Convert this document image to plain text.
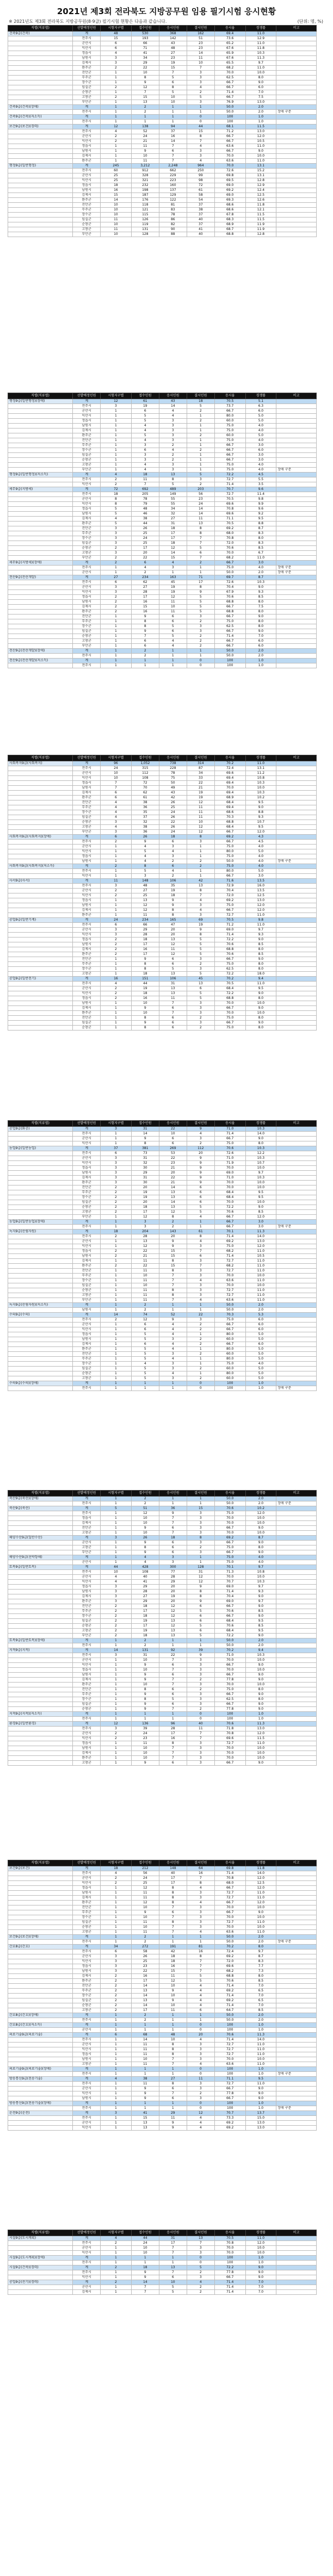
2021년 제3회 전라북도 지방공무원 임용 필기시험 응시현황
※ 2021년도 제3회 전라북도 지방공무원(8·9급) 필기시험 현황은 다음과 같습니다.	(단위: 명, %)
직렬(직류별)	선발예정인원	시험지구별	접수인원	응시인원	결시인원	응시율	경쟁률	비고
건축9급(건축)	계	48	530	368	162	69.4	11.0	
	전주시	15	193	142	51	73.6	12.9	
	군산시	6	66	43	23	65.2	11.0	
	익산시	6	71	48	23	67.6	11.8	
	정읍시	4	41	27	14	65.9	10.3	
	남원시	3	34	23	11	67.6	11.3	
	김제시	3	29	19	10	65.5	9.7	
	완주군	2	22	15	7	68.2	11.0	
	진안군	1	10	7	3	70.0	10.0	
	무주군	1	8	5	3	62.5	8.0	
	장수군	1	9	6	3	66.7	9.0	
	임실군	2	12	8	4	66.7	6.0	
	순창군	1	7	5	2	71.4	7.0	
	고창군	2	15	10	5	66.7	7.5	
	부안군	1	13	10	3	76.9	13.0	
건축9급(건축)(장애)	계	1	2	1	1	50.0	2.0	
	전주시	1	2	1	1	50.0	2.0	장애 구분
건축9급(건축)(저소득)	계	1	1	1	0	100	1.0	
	전주시	1	1	1	0	100	1.0	
보건9급(보건)(경력)	계	12	138	94	44	68.1	11.5	
	전주시	4	52	37	15	71.2	13.0	
	군산시	2	24	16	8	66.7	12.0	
	익산시	2	21	14	7	66.7	10.5	
	정읍시	1	11	7	4	63.6	11.0	
	남원시	1	9	6	3	66.7	9.0	
	김제시	1	10	7	3	70.0	10.0	
	완주군	1	11	7	4	63.6	11.0	
행정9급(일반행정)	계	245	3,212	2,248	964	70.0	13.1	
	전주시	60	912	662	250	72.6	15.2	
	군산시	25	328	229	99	69.8	13.1	
	익산시	25	321	223	98	69.5	12.8	
	정읍시	18	232	160	72	69.0	12.9	
	남원시	16	198	137	61	69.2	12.4	
	김제시	15	187	129	58	69.0	12.5	
	완주군	14	176	122	54	69.3	12.6	
	진안군	10	118	81	37	68.6	11.8	
	무주군	10	121	83	38	68.6	12.1	
	장수군	10	115	78	37	67.8	11.5	
	임실군	11	126	86	40	68.3	11.5	
	순창군	10	119	82	37	68.9	11.9	
	고창군	11	131	90	41	68.7	11.9	
	부안군	10	128	88	40	68.8	12.8	
직렬(직류별)	선발예정인원	시험지구별	접수인원	응시인원	결시인원	응시율	경쟁률	비고
행정9급(일반행정)(장애)	계	12	61	43	18	70.5	5.1	
	전주시	3	19	14	5	73.7	6.3	
	군산시	1	6	4	2	66.7	6.0	
	익산시	1	5	4	1	80.0	5.0	
	정읍시	1	5	3	2	60.0	5.0	
	남원시	1	4	3	1	75.0	4.0	
	김제시	1	4	3	1	75.0	4.0	
	완주군	1	5	3	2	60.0	5.0	
	진안군	1	4	3	1	75.0	4.0	
	무주군	1	3	2	1	66.7	3.0	
	장수군	1	6	4	2	66.7	6.0	
	임실군	1	3	2	1	66.7	3.0	
	순창군	1	3	2	1	66.7	3.0	
	고창군	1	4	3	1	75.0	4.0	
	부안군	1	4	3	1	75.0	4.0	장애 구분
행정9급(일반행정)(저소득)	계	4	18	13	5	72.2	4.5	
	전주시	2	11	8	3	72.7	5.5	
	익산시	2	7	5	2	71.4	3.5	
세무9급(지방세)	계	72	692	489	203	70.7	9.6	
	전주시	18	205	149	56	72.7	11.4	
	군산시	8	78	55	23	70.5	9.8	
	익산시	8	79	55	24	69.6	9.9	
	정읍시	5	48	34	14	70.8	9.6	
	남원시	5	46	32	14	69.6	9.2	
	김제시	4	38	27	11	71.1	9.5	
	완주군	5	44	31	13	70.5	8.8	
	진안군	3	26	18	8	69.2	8.7	
	무주군	3	25	17	8	68.0	8.3	
	장수군	3	24	17	7	70.8	8.0	
	임실군	3	25	18	7	72.0	8.3	
	순창군	2	17	12	5	70.6	8.5	
	고창군	3	20	14	6	70.0	6.7	
	부안군	2	22	15	7	68.2	11.0	
세무9급(지방세)(장애)	계	2	6	4	2	66.7	3.0	
	전주시	1	4	3	1	75.0	4.0	장애 구분
	군산시	1	2	1	1	50.0	2.0	장애 구분
전산9급(전산개발)	계	27	234	163	71	69.7	8.7	
	전주시	6	62	45	17	72.6	10.3	
	군산시	3	27	19	8	70.4	9.0	
	익산시	3	28	19	9	67.9	9.3	
	정읍시	2	17	12	5	70.6	8.5	
	남원시	2	16	11	5	68.8	8.0	
	김제시	2	15	10	5	66.7	7.5	
	완주군	2	16	11	5	68.8	8.0	
	진안군	1	9	6	3	66.7	9.0	
	무주군	1	8	6	2	75.0	8.0	
	장수군	1	8	5	3	62.5	8.0	
	임실군	1	9	6	3	66.7	9.0	
	순창군	1	7	5	2	71.4	7.0	
	고창군	1	6	4	2	66.7	6.0	
	부안군	1	6	4	2	66.7	6.0	
전산9급(전산개발)(장애)	계	1	2	1	1	50.0	2.0	
	전주시	1	2	1	1	50.0	2.0	
전산9급(전산개발)(저소득)	계	1	1	1	0	100	1.0	
	전주시	1	1	1	0	100	1.0	
직렬(직류별)	선발예정인원	시험지구별	접수인원	응시인원	결시인원	응시율	경쟁률	비고
사회복지9급(사회복지)	계	96	1,052	738	314	70.2	11.0	
	전주시	24	315	228	87	72.4	13.1	
	군산시	10	112	78	34	69.6	11.2	
	익산시	10	108	75	33	69.4	10.8	
	정읍시	7	72	50	22	69.4	10.3	
	남원시	7	70	49	21	70.0	10.0	
	김제시	6	62	43	19	69.4	10.3	
	완주군	6	61	42	19	68.9	10.2	
	진안군	4	38	26	12	68.4	9.5	
	무주군	4	36	25	11	69.4	9.0	
	장수군	4	35	24	11	68.6	8.8	
	임실군	4	37	26	11	70.3	9.3	
	순창군	3	32	22	10	68.8	10.7	
	고창군	4	38	26	12	68.4	9.5	
	부안군	3	36	24	12	66.7	12.0	
사회복지9급(사회복지)(장애)	계	6	26	18	8	69.2	4.3	
	전주시	2	9	6	3	66.7	4.5	
	군산시	1	4	3	1	75.0	4.0	
	익산시	1	5	4	1	80.0	5.0	
	정읍시	1	4	3	1	75.0	4.0	
	남원시	1	4	2	2	50.0	4.0	장애 구분
사회복지9급(사회복지)(저소득)	계	2	8	6	2	75.0	4.0	
	전주시	1	5	4	1	80.0	5.0	
	익산시	1	3	2	1	66.7	3.0	
사서9급(사서)	계	11	148	106	42	71.6	13.5	
	전주시	3	48	35	13	72.9	16.0	
	군산시	2	27	19	8	70.4	13.5	
	익산시	2	25	18	7	72.0	12.5	
	정읍시	1	13	9	4	69.2	13.0	
	남원시	1	12	9	3	75.0	12.0	
	김제시	1	12	8	4	66.7	12.0	
	완주군	1	11	8	3	72.7	11.0	
공업9급(일반기계)	계	24	234	165	69	70.5	9.8	
	전주시	6	66	47	19	71.2	11.0	
	군산시	3	29	20	9	69.0	9.7	
	익산시	3	28	20	8	71.4	9.3	
	정읍시	2	18	13	5	72.2	9.0	
	남원시	2	17	12	5	70.6	8.5	
	김제시	2	16	11	5	68.8	8.0	
	완주군	2	17	12	5	70.6	8.5	
	진안군	1	9	6	3	66.7	9.0	
	무주군	1	8	6	2	75.0	8.0	
	장수군	1	8	5	3	62.5	8.0	
	고창군	1	18	13	5	72.2	18.0	
공업9급(일반전기)	계	16	151	106	45	70.2	9.4	
	전주시	4	44	31	13	70.5	11.0	
	군산시	2	19	13	6	68.4	9.5	
	익산시	2	18	13	5	72.2	9.0	
	정읍시	2	16	11	5	68.8	8.0	
	남원시	1	10	7	3	70.0	10.0	
	김제시	1	9	6	3	66.7	9.0	
	완주군	1	10	7	3	70.0	10.0	
	진안군	1	8	6	2	75.0	8.0	
	임실군	1	9	6	3	66.7	9.0	
	순창군	1	8	6	2	75.0	8.0	
직렬(직류별)	선발예정인원	시험지구별	접수인원	응시인원	결시인원	응시율	경쟁률	비고
공업9급(화공)	계	3	31	22	9	71.0	10.3	
	전주시	1	14	10	4	71.4	14.0	
	군산시	1	9	6	3	66.7	9.0	
	익산시	1	8	6	2	75.0	8.0	
농업9급(일반농업)	계	37	381	269	112	70.6	10.3	
	전주시	6	73	53	20	72.6	12.2	
	군산시	3	31	22	9	71.0	10.3	
	익산시	3	32	23	9	71.9	10.7	
	정읍시	3	30	21	9	70.0	10.0	
	남원시	3	29	20	9	69.0	9.7	
	김제시	3	31	22	9	71.0	10.3	
	완주군	3	30	21	9	70.0	10.0	
	진안군	2	20	14	6	70.0	10.0	
	무주군	2	19	13	6	68.4	9.5	
	장수군	2	19	13	6	68.4	9.5	
	임실군	2	20	14	6	70.0	10.0	
	순창군	2	18	13	5	72.2	9.0	
	고창군	2	17	12	5	70.6	8.5	
	부안군	1	12	8	4	66.7	12.0	
농업9급(일반농업)(장애)	계	1	3	2	1	66.7	3.0	
	전주시	1	3	2	1	66.7	3.0	장애 구분
녹지9급(산림자원)	계	18	204	143	61	70.1	11.3	
	전주시	2	28	20	8	71.4	14.0	
	군산시	1	13	9	4	69.2	13.0	
	익산시	1	12	9	3	75.0	12.0	
	정읍시	2	22	15	7	68.2	11.0	
	남원시	2	21	15	6	71.4	10.5	
	김제시	1	11	8	3	72.7	11.0	
	완주군	2	22	15	7	68.2	11.0	
	진안군	1	11	8	3	72.7	11.0	
	무주군	1	10	7	3	70.0	10.0	
	장수군	1	11	7	4	63.6	11.0	
	임실군	1	10	7	3	70.0	10.0	
	순창군	1	11	8	3	72.7	11.0	
	고창군	1	11	8	3	72.7	11.0	
	부안군	1	11	7	4	63.6	11.0	
녹지9급(산림자원)(저소득)	계	1	2	1	1	50.0	2.0	
	남원시	1	2	1	1	50.0	2.0	
수의9급(수의)	계	14	74	52	22	70.3	5.3	
	전주시	2	12	9	3	75.0	6.0	
	군산시	1	6	4	2	66.7	6.0	
	익산시	1	6	4	2	66.7	6.0	
	정읍시	1	5	4	1	80.0	5.0	
	남원시	1	5	3	2	60.0	5.0	
	김제시	1	6	4	2	66.7	6.0	
	완주군	1	5	4	1	80.0	5.0	
	진안군	1	5	3	2	60.0	5.0	
	무주군	1	5	4	1	80.0	5.0	
	장수군	1	4	3	1	75.0	4.0	
	임실군	1	5	3	2	60.0	5.0	
	순창군	1	5	4	1	80.0	5.0	
	고창군	1	5	3	2	60.0	5.0	
수의9급(수의)(장애)	계	1	1	1	0	100	1.0	
	전주시	1	1	1	0	100	1.0	장애 구분
직렬(직류별)	선발예정인원	시험지구별	접수인원	응시인원	결시인원	응시율	경쟁률	비고
축산9급(축산)(장애)	계	1	2	1	1	50.0	2.0	
	전주시	1	2	1	1	50.0	2.0	장애 구분
축산9급(축산)	계	5	51	36	15	70.6	10.2	
	전주시	1	12	9	3	75.0	12.0	
	정읍시	1	10	7	3	70.0	10.0	
	김제시	1	10	7	3	70.0	10.0	
	진안군	1	9	6	3	66.7	9.0	
	고창군	1	10	7	3	70.0	10.0	
해양수산9급(일반수산)	계	3	26	18	8	69.2	8.7	
	군산시	1	9	6	3	66.7	9.0	
	고창군	1	8	6	2	75.0	8.0	
	부안군	1	9	6	3	66.7	9.0	
해양수산9급(선박항해)	계	1	4	3	1	75.0	4.0	
	군산시	1	4	3	1	75.0	4.0	
토목9급(일반토목)	계	44	428	300	128	70.1	9.7	
	전주시	10	108	77	31	71.3	10.8	
	군산시	4	40	28	12	70.0	10.0	
	익산시	4	41	29	12	70.7	10.3	
	정읍시	3	29	20	9	69.0	9.7	
	남원시	3	28	20	8	71.4	9.3	
	김제시	3	27	19	8	70.4	9.0	
	완주군	3	29	20	9	69.0	9.7	
	진안군	2	18	12	6	66.7	9.0	
	무주군	2	17	12	5	70.6	8.5	
	장수군	2	18	12	6	66.7	9.0	
	임실군	2	19	13	6	68.4	9.5	
	순창군	2	17	12	5	70.6	8.5	
	고창군	2	19	13	6	68.4	9.5	
	부안군	2	18	13	5	72.2	9.0	
토목9급(일반토목)(장애)	계	1	2	1	1	50.0	2.0	
	전주시	1	2	1	1	50.0	2.0	
지적9급(지적)	계	14	131	92	39	70.2	9.4	
	전주시	3	31	22	9	71.0	10.3	
	군산시	1	10	7	3	70.0	10.0	
	익산시	1	9	6	3	66.7	9.0	
	정읍시	1	10	7	3	70.0	10.0	
	남원시	1	9	6	3	66.7	9.0	
	김제시	1	9	7	2	77.8	9.0	
	완주군	1	10	7	3	70.0	10.0	
	진안군	1	8	6	2	75.0	8.0	
	무주군	1	9	6	3	66.7	9.0	
	장수군	1	8	5	3	62.5	8.0	
	임실군	1	9	6	3	66.7	9.0	
	순창군	1	9	7	2	77.8	9.0	
지적9급(지적)(저소득)	계	1	1	1	0	100	1.0	
	전주시	1	1	1	0	100	1.0	
환경9급(일반환경)	계	12	136	96	40	70.6	11.3	
	전주시	3	39	28	11	71.8	13.0	
	군산시	2	24	17	7	70.8	12.0	
	익산시	2	23	16	7	69.6	11.5	
	정읍시	1	11	8	3	72.7	11.0	
	남원시	1	10	7	3	70.0	10.0	
	김제시	1	10	7	3	70.0	10.0	
	완주군	1	10	7	3	70.0	10.0	
	고창군	1	9	6	3	66.7	9.0	
직렬(직류별)	선발예정인원	시험지구별	접수인원	응시인원	결시인원	응시율	경쟁률	비고
보건9급(보건)	계	18	212	148	64	69.8	11.8	
	전주시	4	56	40	16	71.4	14.0	
	군산시	2	24	17	7	70.8	12.0	
	익산시	2	25	17	8	68.0	12.5	
	정읍시	1	12	8	4	66.7	12.0	
	남원시	1	11	8	3	72.7	11.0	
	김제시	1	11	8	3	72.7	11.0	
	완주군	1	12	8	4	66.7	12.0	
	진안군	1	10	7	3	70.0	10.0	
	무주군	1	9	6	3	66.7	9.0	
	장수군	1	10	7	3	70.0	10.0	
	임실군	1	11	8	3	72.7	11.0	
	순창군	1	10	7	3	70.0	10.0	
	고창군	1	11	7	4	63.6	11.0	
보건9급(보건)(장애)	계	1	2	1	1	50.0	2.0	
	전주시	1	2	1	1	50.0	2.0	장애 구분
간호8급(간호)	계	34	272	191	81	70.2	8.0	
	전주시	6	58	42	16	72.4	9.7	
	군산시	3	26	18	8	69.2	8.7	
	익산시	3	25	18	7	72.0	8.3	
	정읍시	3	23	16	7	69.6	7.7	
	남원시	3	22	15	7	68.2	7.3	
	김제시	2	16	11	5	68.8	8.0	
	완주군	2	17	12	5	70.6	8.5	
	진안군	2	14	10	4	71.4	7.0	
	무주군	2	13	9	4	69.2	6.5	
	장수군	2	14	10	4	71.4	7.0	
	임실군	2	13	9	4	69.2	6.5	
	순창군	2	14	10	4	71.4	7.0	
	고창군	2	17	11	6	64.7	8.5	
간호8급(간호)(장애)	계	1	2	1	1	50.0	2.0	
	전주시	1	2	1	1	50.0	2.0	
간호8급(간호)(저소득)	계	1	1	1	0	100	1.0	
	군산시	1	1	1	0	100	1.0	
의료기술9급(의료기술)	계	6	68	48	20	70.6	11.3	
	전주시	1	14	10	4	71.4	14.0	
	군산시	1	11	8	3	72.7	11.0	
	익산시	1	11	8	3	72.7	11.0	
	정읍시	1	11	8	3	72.7	11.0	
	남원시	1	10	7	3	70.0	10.0	
	고창군	1	11	7	4	63.6	11.0	
의료기술9급(의료기술)(장애)	계	1	1	1	0	100	1.0	
	전주시	1	1	1	0	100	1.0	장애 구분
방송통신9급(전송기술)	계	4	38	27	11	71.1	9.5	
	전주시	1	11	8	3	72.7	11.0	
	군산시	1	9	6	3	66.7	9.0	
	익산시	1	9	7	2	77.8	9.0	
	남원시	1	9	6	3	66.7	9.0	
방송통신9급(전송기술)(장애)	계	1	1	1	0	100	1.0	
	전주시	1	1	1	0	100	1.0	장애 구분
운전9급(운전)	계	3	41	29	12	70.7	13.7	
	전주시	1	15	11	4	73.3	15.0	
	군산시	1	13	9	4	69.2	13.0	
	익산시	1	13	9	4	69.2	13.0	
직렬(직류별)	선발예정인원	시험지구별	접수인원	응시인원	결시인원	응시율	경쟁률	비고
시설9급(도시계획)	계	4	44	31	13	70.5	11.0	
	전주시	2	24	17	7	70.8	12.0	
	군산시	1	10	7	3	70.0	10.0	
	익산시	1	10	7	3	70.0	10.0	
시설9급(도시계획)(장애)	계	1	1	1	0	100	1.0	
	전주시	1	1	1	0	100	1.0	
시설9급(건축)(경력)	계	2	18	13	5	72.2	9.0	
	전주시	1	9	7	2	77.8	9.0	
	익산시	1	9	6	3	66.7	9.0	
공업9급(전기)(경력)	계	2	14	10	4	71.4	7.0	
	군산시	1	7	5	2	71.4	7.0	
	김제시	1	7	5	2	71.4	7.0	
